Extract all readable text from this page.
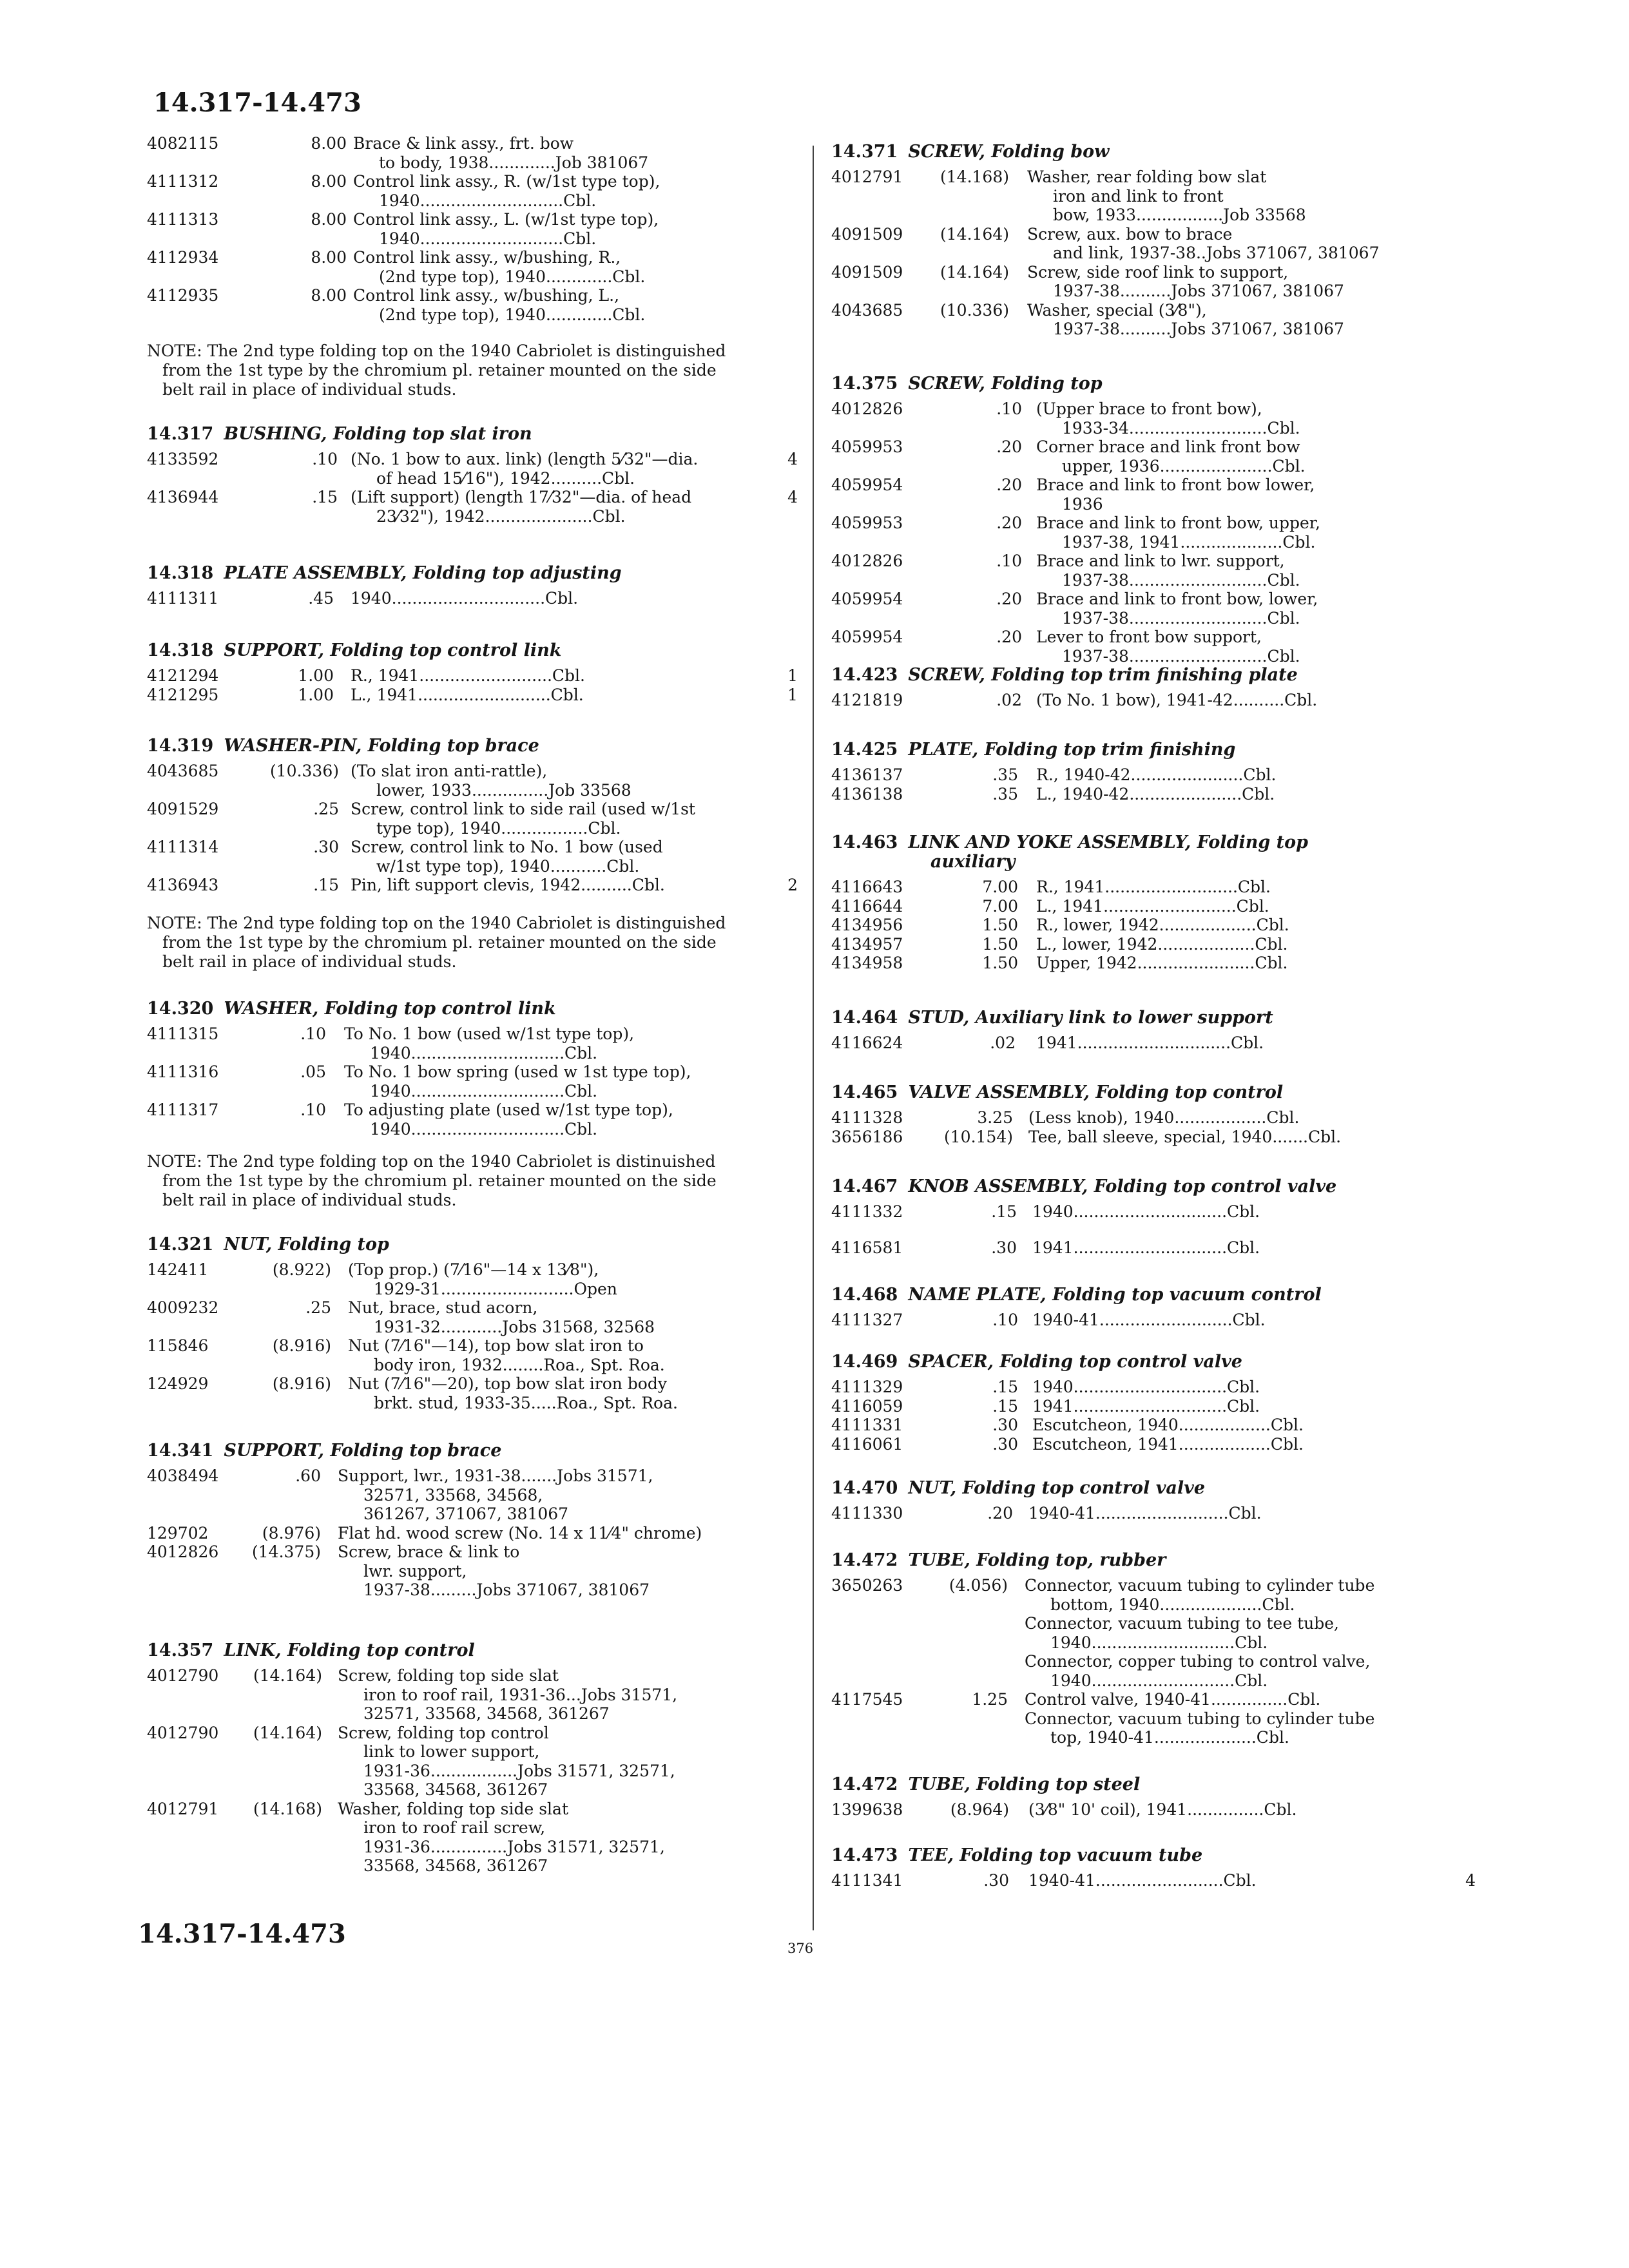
14.317-14.473
4082115	8.00 Brace & link assy., frt. bow
to body, 1938.............Job 381067
4111312	8.00 Control link assy., R. (w/1st type top),
1940............................Cbl.
4111313	8.00 Control link assy., L. (w/1st type top),
1940............................Cbl.
4112934	8.00 Control link assy., w/bushing, R.,
(2nd type top), 1940.............Cbl.
4112935	8.00 Control link assy., w/bushing, L.,
(2nd type top), 1940.............Cbl.
NOTE: The 2nd type folding top on the 1940 Cabriolet is distinguished
from the 1st type by the chromium pl. retainer mounted on the side
belt rail in place of individual studs.
14.317 BUSHING, Folding top slat iron
4133592	.10 (No. 1 bow to aux. link) (length 5⁄32"—dia.
of head 15⁄16"), 1942..........Cbl.
4
4136944	.15 (Lift support) (length 17⁄32"—dia. of head
23⁄32"), 1942.....................Cbl.
4
14.318 PLATE ASSEMBLY, Folding top adjusting
4111311	.45 1940..............................Cbl.
14.318 SUPPORT, Folding top control link
4121294	1.00 R., 1941..........................Cbl.	1
4121295	1.00 L., 1941..........................Cbl.	1
14.319 WASHER-PIN, Folding top brace
4043685	(10.336) (To slat iron anti-rattle),
lower, 1933...............Job 33568
4091529	.25 Screw, control link to side rail (used w/1st
type top), 1940.................Cbl.
4111314	.30 Screw, control link to No. 1 bow (used
w/1st type top), 1940...........Cbl.
4136943	.15 Pin, lift support clevis, 1942..........Cbl.	2
NOTE: The 2nd type folding top on the 1940 Cabriolet is distinguished
from the 1st type by the chromium pl. retainer mounted on the side
belt rail in place of individual studs.
14.320 WASHER, Folding top control link
4111315	.10 To No. 1 bow (used w/1st type top),
1940..............................Cbl.
4111316	.05 To No. 1 bow spring (used w 1st type top),
1940..............................Cbl.
4111317	.10 To adjusting plate (used w/1st type top),
1940..............................Cbl.
NOTE: The 2nd type folding top on the 1940 Cabriolet is distinuished
from the 1st type by the chromium pl. retainer mounted on the side
belt rail in place of individual studs.
14.321 NUT, Folding top
142411	(8.922) (Top prop.) (7⁄16"—14 x 13⁄8"),
1929-31..........................Open
4009232	.25 Nut, brace, stud acorn,
1931-32............Jobs 31568, 32568
115846	(8.916) Nut (7⁄16"—14), top bow slat iron to
body iron, 1932........Roa., Spt. Roa.
124929	(8.916) Nut (7⁄16"—20), top bow slat iron body
brkt. stud, 1933-35.....Roa., Spt. Roa.
14.341 SUPPORT, Folding top brace
4038494	.60 Support, lwr., 1931-38.......Jobs 31571,
32571, 33568, 34568,
361267, 371067, 381067
129702	(8.976) Flat hd. wood screw (No. 14 x 11⁄4" chrome)
4012826 (14.375) Screw, brace & link to
lwr. support,
1937-38.........Jobs 371067, 381067
14.357 LINK, Folding top control
4012790 (14.164) Screw, folding top side slat
iron to roof rail, 1931-36...Jobs 31571,
32571, 33568, 34568, 361267
4012790 (14.164) Screw, folding top control
link to lower support,
1931-36.................Jobs 31571, 32571,
33568, 34568, 361267
4012791 (14.168) Washer, folding top side slat
iron to roof rail screw,
1931-36...............Jobs 31571, 32571,
33568, 34568, 361267
14.371 SCREW, Folding bow
4012791 (14.168) Washer, rear folding bow slat
iron and link to front
bow, 1933.................Job 33568
4091509 (14.164) Screw, aux. bow to brace
and link, 1937-38..Jobs 371067, 381067
4091509 (14.164) Screw, side roof link to support,
1937-38..........Jobs 371067, 381067
4043685 (10.336) Washer, special (3⁄8"),
1937-38..........Jobs 371067, 381067
14.375 SCREW, Folding top
4012826	.10 (Upper brace to front bow),
1933-34...........................Cbl.
4059953	.20 Corner brace and link front bow
upper, 1936......................Cbl.
4059954	.20 Brace and link to front bow lower,
1936
4059953	.20 Brace and link to front bow, upper,
1937-38, 1941....................Cbl.
4012826	.10 Brace and link to lwr. support,
1937-38...........................Cbl.
4059954	.20 Brace and link to front bow, lower,
1937-38...........................Cbl.
4059954	.20 Lever to front bow support,
1937-38...........................Cbl.
14.423 SCREW, Folding top trim finishing plate
4121819	.02 (To No. 1 bow), 1941-42..........Cbl.
14.425 PLATE, Folding top trim finishing
4136137	.35 R., 1940-42......................Cbl.
4136138	.35 L., 1940-42......................Cbl.
14.463 LINK AND YOKE ASSEMBLY, Folding top
auxiliary
4116643	7.00 R., 1941..........................Cbl.
4116644	7.00 L., 1941..........................Cbl.
4134956	1.50 R., lower, 1942...................Cbl.
4134957	1.50 L., lower, 1942...................Cbl.
4134958	1.50 Upper, 1942.......................Cbl.
14.464 STUD, Auxiliary link to lower support
4116624	.02 1941..............................Cbl.
14.465 VALVE ASSEMBLY, Folding top control
4111328	3.25 (Less knob), 1940..................Cbl.
3656186	(10.154) Tee, ball sleeve, special, 1940.......Cbl.
14.467 KNOB ASSEMBLY, Folding top control valve
4111332	.15 1940..............................Cbl.
4116581	.30 1941..............................Cbl.
14.468 NAME PLATE, Folding top vacuum control
4111327	.10 1940-41..........................Cbl.
14.469 SPACER, Folding top control valve
4111329	.15 1940..............................Cbl.
4116059	.15 1941..............................Cbl.
4111331	.30 Escutcheon, 1940..................Cbl.
4116061	.30 Escutcheon, 1941..................Cbl.
14.470 NUT, Folding top control valve
4111330	.20 1940-41..........................Cbl.
14.472 TUBE, Folding top, rubber
3650263	(4.056) Connector, vacuum tubing to cylinder tube
bottom, 1940....................Cbl.
Connector, vacuum tubing to tee tube,
1940............................Cbl.
Connector, copper tubing to control valve,
1940............................Cbl.
4117545	1.25 Control valve, 1940-41...............Cbl.
Connector, vacuum tubing to cylinder tube
top, 1940-41....................Cbl.
14.472 TUBE, Folding top steel
1399638	(8.964) (3⁄8" 10' coil), 1941...............Cbl.
14.473 TEE, Folding top vacuum tube
4111341	.30 1940-41.........................Cbl.	4
14.317-14.473	376
